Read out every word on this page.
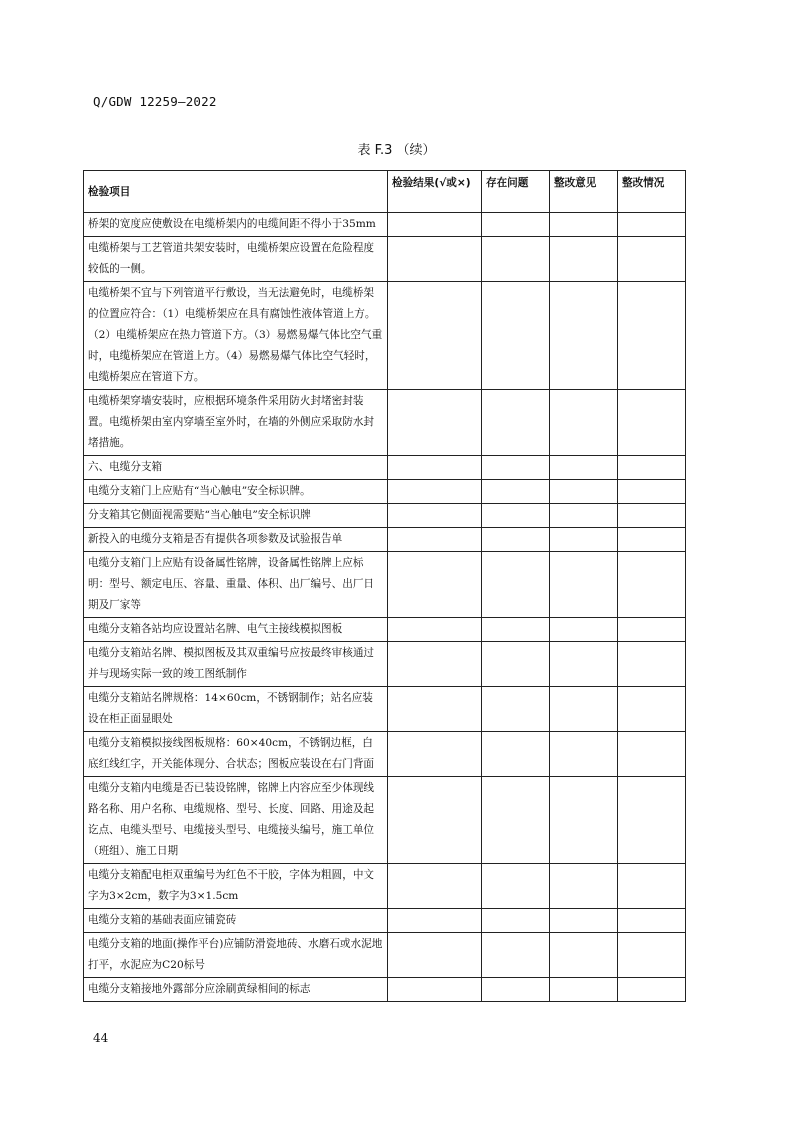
Q/GDW 12259—2022
表 F.3 （续）
检验项目	检验结果(√或×)	存在问题	整改意见	整改情况
桥架的宽度应使敷设在电缆桥架内的电缆间距不得小于35mm				
电缆桥架与工艺管道共架安装时，电缆桥架应设置在危险程度较低的一侧。				
电缆桥架不宜与下列管道平行敷设，当无法避免时，电缆桥架的位置应符合：（1）电缆桥架应在具有腐蚀性液体管道上方。（2）电缆桥架应在热力管道下方。（3）易燃易爆气体比空气重时，电缆桥架应在管道上方。（4）易燃易爆气体比空气轻时，电缆桥架应在管道下方。				
电缆桥架穿墙安装时，应根据环境条件采用防火封堵密封装置。电缆桥架由室内穿墙至室外时，在墙的外侧应采取防水封堵措施。				
六、电缆分支箱				
电缆分支箱门上应贴有“当心触电”安全标识牌。				
分支箱其它侧面视需要贴“当心触电”安全标识牌				
新投入的电缆分支箱是否有提供各项参数及试验报告单				
电缆分支箱门上应贴有设备属性铭牌，设备属性铭牌上应标明：型号、额定电压、容量、重量、体积、出厂编号、出厂日期及厂家等				
电缆分支箱各站均应设置站名牌、电气主接线模拟图板				
电缆分支箱站名牌、模拟图板及其双重编号应按最终审核通过并与现场实际一致的竣工图纸制作				
电缆分支箱站名牌规格：14×60cm，不锈钢制作；站名应装设在柜正面显眼处				
电缆分支箱模拟接线图板规格：60×40cm，不锈钢边框，白底红线红字，开关能体现分、合状态；图板应装设在右门背面				
电缆分支箱内电缆是否已装设铭牌，铭牌上内容应至少体现线路名称、用户名称、电缆规格、型号、长度、回路、用途及起讫点、电缆头型号、电缆接头型号、电缆接头编号，施工单位（班组）、施工日期				
电缆分支箱配电柜双重编号为红色不干胶，字体为粗圆，中文字为3×2cm，数字为3×1.5cm				
电缆分支箱的基础表面应铺瓷砖				
电缆分支箱的地面(操作平台)应铺防滑瓷地砖、水磨石或水泥地打平，水泥应为C20标号				
电缆分支箱接地外露部分应涂刷黄绿相间的标志				
44
